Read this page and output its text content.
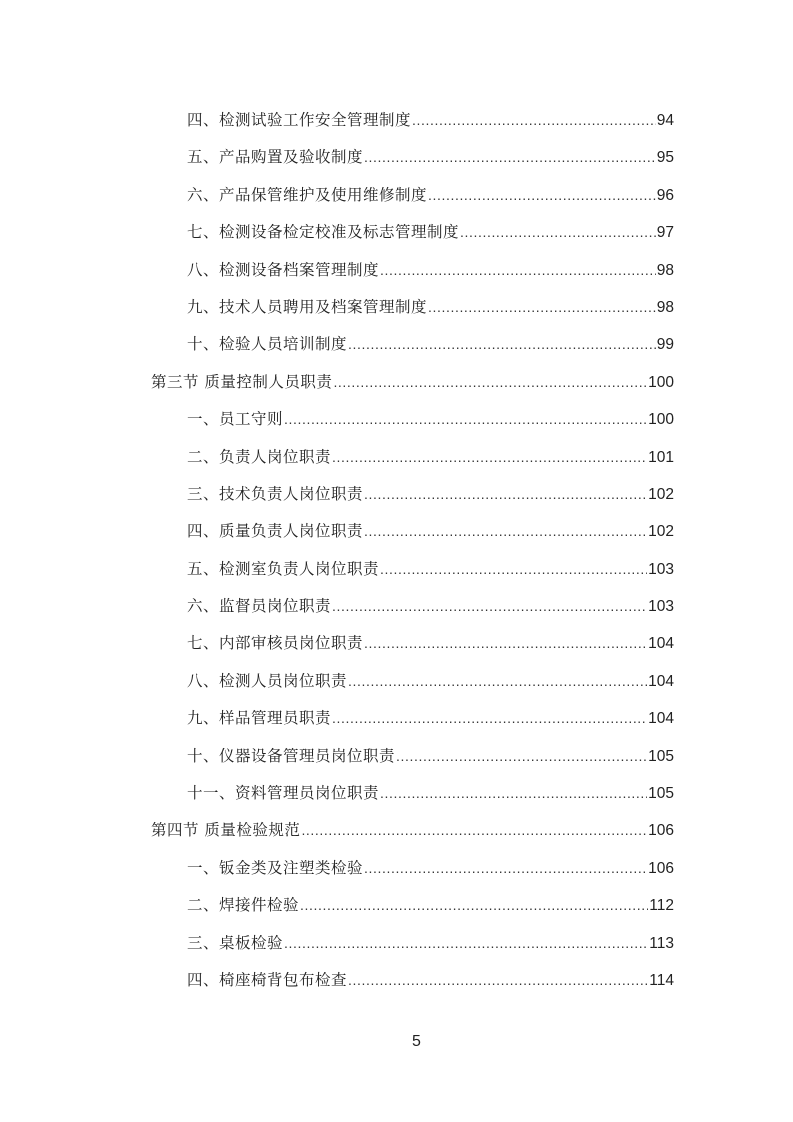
四、检测试验工作安全管理制度 .....	94
五、产品购置及验收制度 .....	95
六、产品保管维护及使用维修制度 .....	96
七、检测设备检定校准及标志管理制度 .....	97
八、检测设备档案管理制度 .....	98
九、技术人员聘用及档案管理制度 .....	98
十、检验人员培训制度 .....	99
第三节 质量控制人员职责 .....	100
一、员工守则 .....	100
二、负责人岗位职责 .....	101
三、技术负责人岗位职责 .....	102
四、质量负责人岗位职责 .....	102
五、检测室负责人岗位职责 .....	103
六、监督员岗位职责 .....	103
七、内部审核员岗位职责 .....	104
八、检测人员岗位职责 .....	104
九、样品管理员职责 .....	104
十、仪器设备管理员岗位职责 .....	105
十一、资料管理员岗位职责 .....	105
第四节 质量检验规范 .....	106
一、钣金类及注塑类检验 .....	106
二、焊接件检验 .....	112
三、桌板检验 .....	113
四、椅座椅背包布检查 .....	114
5
